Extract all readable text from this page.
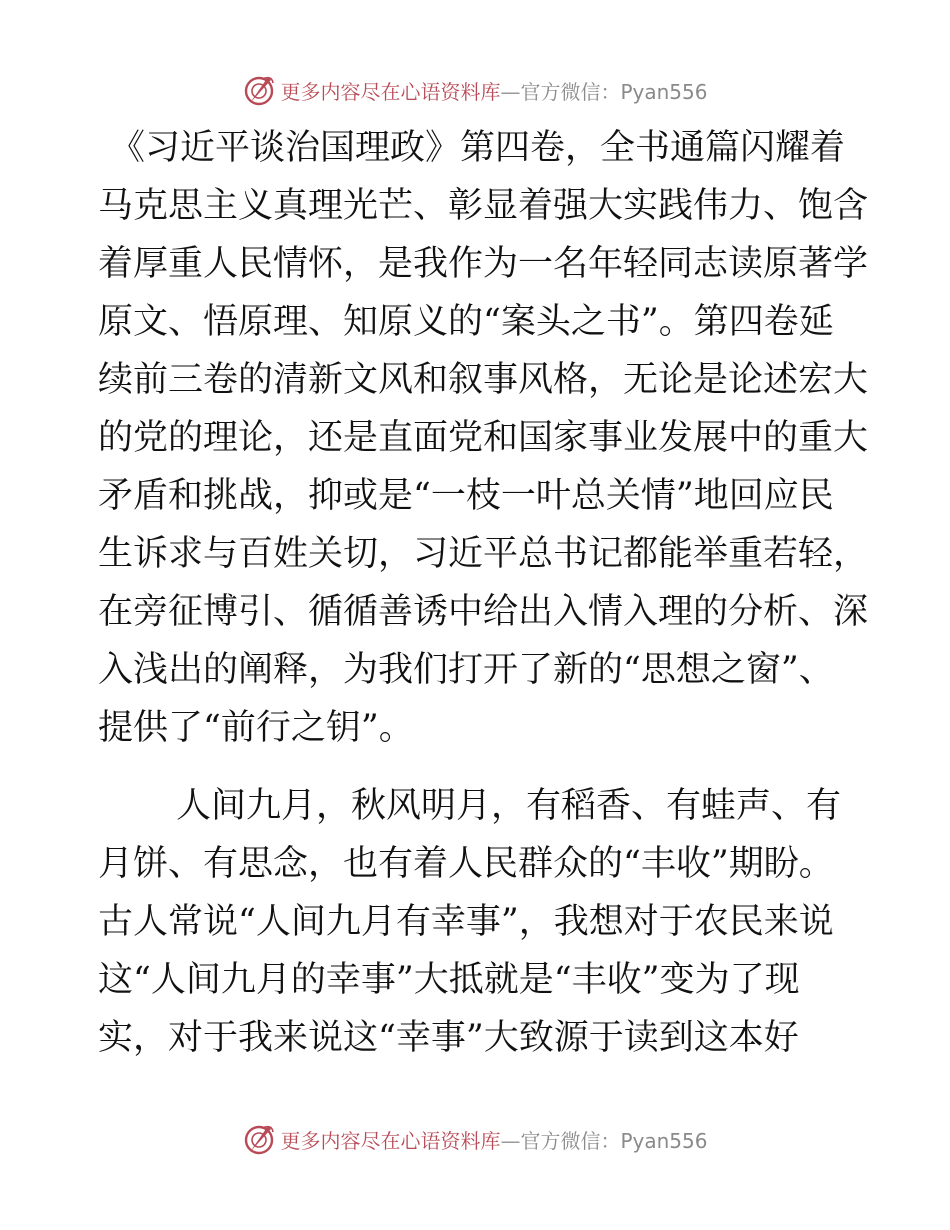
更多内容尽在心语资料库—官方微信：Pyan556
《习近平谈治国理政》第四卷，全书通篇闪耀着
马克思主义真理光芒、彰显着强大实践伟力、饱含
着厚重人民情怀，是我作为一名年轻同志读原著学
原文、悟原理、知原义的“案头之书”。第四卷延
续前三卷的清新文风和叙事风格，无论是论述宏大
的党的理论，还是直面党和国家事业发展中的重大
矛盾和挑战，抑或是“一枝一叶总关情”地回应民
生诉求与百姓关切，习近平总书记都能举重若轻，
在旁征博引、循循善诱中给出入情入理的分析、深
入浅出的阐释，为我们打开了新的“思想之窗”、
提供了“前行之钥”。
人间九月，秋风明月，有稻香、有蛙声、有
月饼、有思念，也有着人民群众的“丰收”期盼。
古人常说“人间九月有幸事”，我想对于农民来说
这“人间九月的幸事”大抵就是“丰收”变为了现
实，对于我来说这“幸事”大致源于读到这本好
更多内容尽在心语资料库—官方微信：Pyan556
